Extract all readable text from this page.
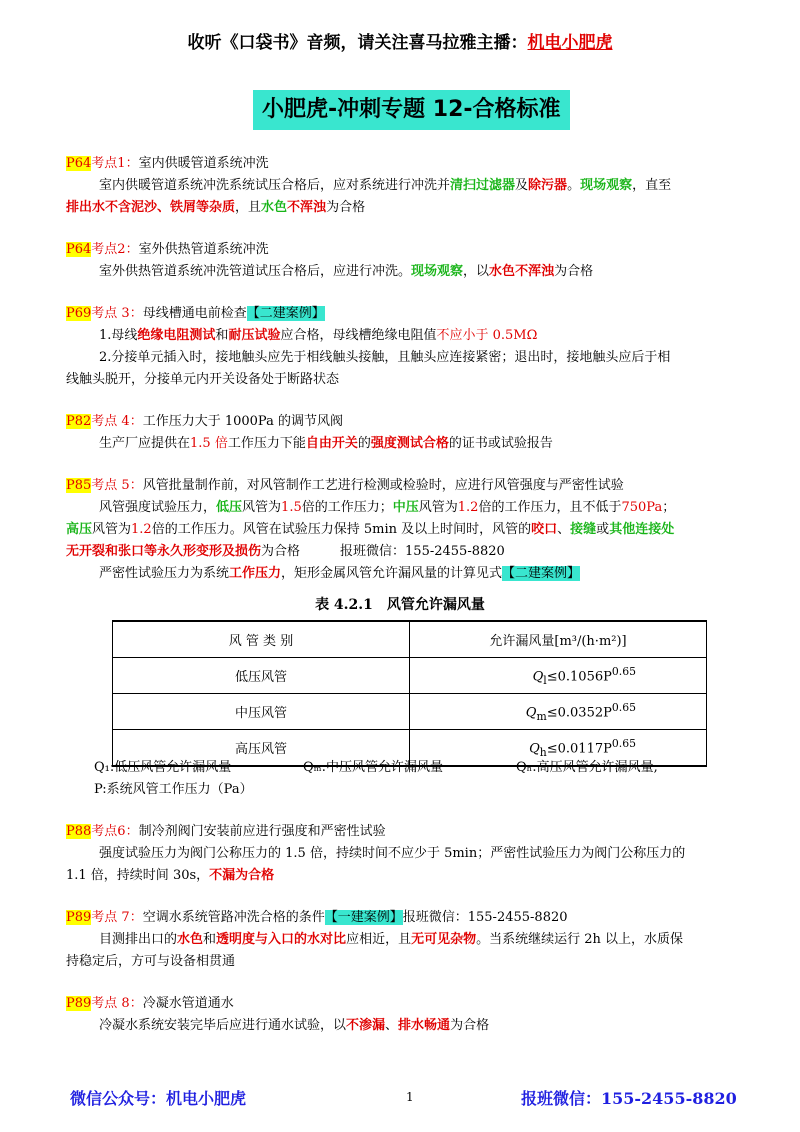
收听《口袋书》音频，请关注喜马拉雅主播：机电小肥虎
小肥虎-冲刺专题 12-合格标准
P64考点1：室内供暖管道系统冲洗
室内供暖管道系统冲洗系统试压合格后，应对系统进行冲洗并清扫过滤器及除污器。现场观察，直至
排出水不含泥沙、铁屑等杂质，且水色不浑浊为合格
P64考点2：室外供热管道系统冲洗
室外供热管道系统冲洗管道试压合格后，应进行冲洗。现场观察，以水色不浑浊为合格
P69考点 3：母线槽通电前检查【二建案例】
1.母线绝缘电阻测试和耐压试验应合格，母线槽绝缘电阻值不应小于 0.5MΩ
2.分接单元插入时，接地触头应先于相线触头接触，且触头应连接紧密；退出时，接地触头应后于相
线触头脱开，分接单元内开关设备处于断路状态
P82考点 4：工作压力大于 1000Pa 的调节风阀
生产厂应提供在1.5 倍工作压力下能自由开关的强度测试合格的证书或试验报告
P85考点 5：风管批量制作前，对风管制作工艺进行检测或检验时，应进行风管强度与严密性试验
风管强度试验压力，低压风管为1.5倍的工作压力；中压风管为1.2倍的工作压力，且不低于750Pa；
高压风管为1.2倍的工作压力。风管在试验压力保持 5min 及以上时间时，风管的咬口、接缝或其他连接处
无开裂和张口等永久形变形及损伤为合格	报班微信：155-2455-8820
严密性试验压力为系统工作压力，矩形金属风管允许漏风量的计算见式【二建案例】
表 4.2.1　风管允许漏风量
风 管 类 别	允许漏风量[m³/(h·m²)]
低压风管	$Q_l\le 0.1056P^{0.65}$
中压风管	$Q_m\le 0.0352P^{0.65}$
高压风管	$Q_h\le 0.0117P^{0.65}$
Q₁:低压风管允许漏风量	Qₘ:中压风管允许漏风量	Qₕ:高压风管允许漏风量;
P:系统风管工作压力（Pa）
P88考点6：制冷剂阀门安装前应进行强度和严密性试验
强度试验压力为阀门公称压力的 1.5 倍，持续时间不应少于 5min；严密性试验压力为阀门公称压力的
1.1 倍，持续时间 30s，不漏为合格
P89考点 7：空调水系统管路冲洗合格的条件【一建案例】报班微信：155-2455-8820
目测排出口的水色和透明度与入口的水对比应相近，且无可见杂物。当系统继续运行 2h 以上，水质保
持稳定后，方可与设备相贯通
P89考点 8：冷凝水管道通水
冷凝水系统安装完毕后应进行通水试验，以不渗漏、排水畅通为合格
微信公众号：机电小肥虎	1	报班微信：155-2455-8820
